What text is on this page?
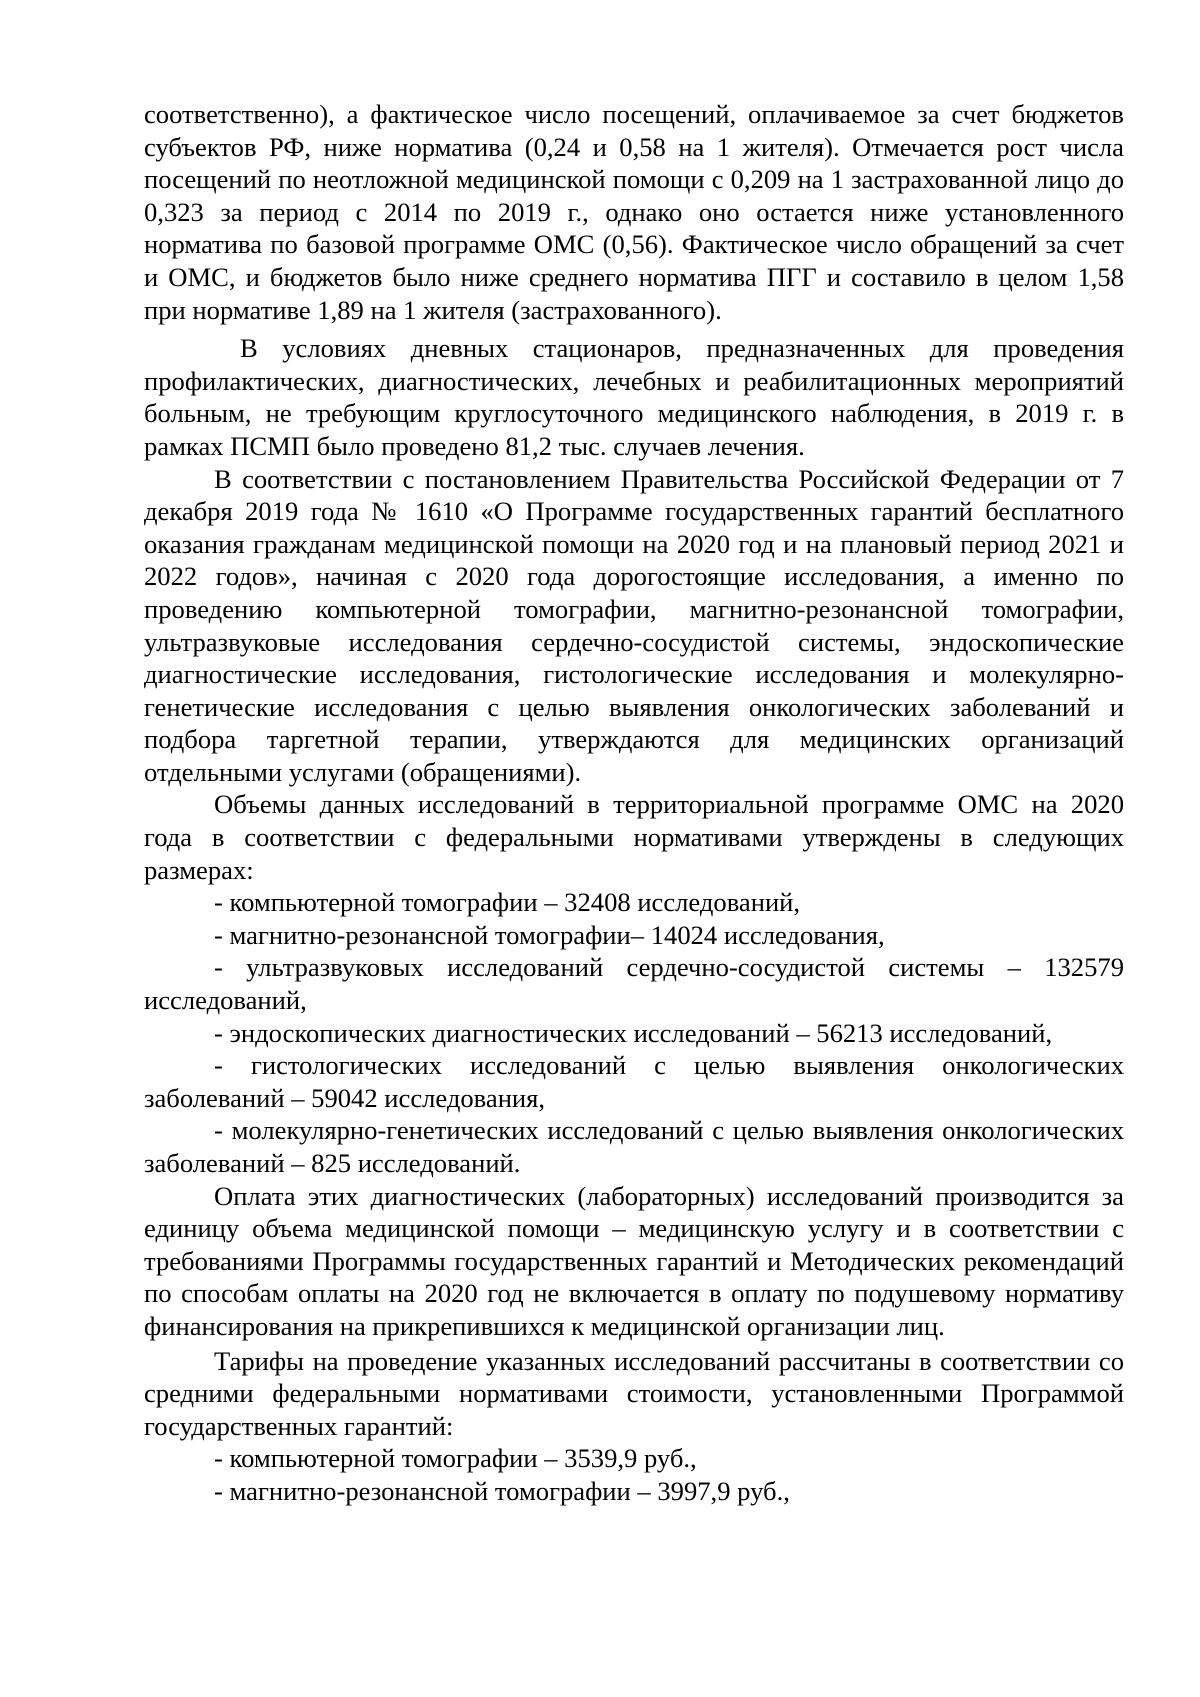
соответственно), а фактическое число посещений, оплачиваемое за счет бюджетов субъектов РФ, ниже норматива (0,24 и 0,58 на 1 жителя). Отмечается рост числа посещений по неотложной медицинской помощи с 0,209 на 1 застрахованной лицо до 0,323 за период с 2014 по 2019 г., однако оно остается ниже установленного норматива по базовой программе ОМС (0,56). Фактическое число обращений за счет и ОМС, и бюджетов было ниже среднего норматива ПГГ и составило в целом 1,58 при нормативе 1,89 на 1 жителя (застрахованного).

В условиях дневных стационаров, предназначенных для проведения профилактических, диагностических, лечебных и реабилитационных мероприятий больным, не требующим круглосуточного медицинского наблюдения, в 2019 г. в рамках ПСМП было проведено 81,2 тыс. случаев лечения.

В соответствии с постановлением Правительства Российской Федерации от 7 декабря 2019 года № 1610 «О Программе государственных гарантий бесплатного оказания гражданам медицинской помощи на 2020 год и на плановый период 2021 и 2022 годов», начиная с 2020 года дорогостоящие исследования, а именно по проведению компьютерной томографии, магнитно-резонансной томографии, ультразвуковые исследования сердечно-сосудистой системы, эндоскопические диагностические исследования, гистологические исследования и молекулярно-генетические исследования с целью выявления онкологических заболеваний и подбора таргетной терапии, утверждаются для медицинских организаций отдельными услугами (обращениями).

Объемы данных исследований в территориальной программе ОМС на 2020 года в соответствии с федеральными нормативами утверждены в следующих размерах:

- компьютерной томографии – 32408 исследований,

- магнитно-резонансной томографии– 14024 исследования,

- ультразвуковых исследований сердечно-сосудистой системы – 132579 исследований,

- эндоскопических диагностических исследований – 56213 исследований,

- гистологических исследований с целью выявления онкологических заболеваний – 59042 исследования,

- молекулярно-генетических исследований с целью выявления онкологических заболеваний – 825 исследований.

Оплата этих диагностических (лабораторных) исследований производится за единицу объема медицинской помощи – медицинскую услугу и в соответствии с требованиями Программы государственных гарантий и Методических рекомендаций по способам оплаты на 2020 год не включается в оплату по подушевому нормативу финансирования на прикрепившихся к медицинской организации лиц.

Тарифы на проведение указанных исследований рассчитаны в соответствии со средними федеральными нормативами стоимости, установленными Программой государственных гарантий:

- компьютерной томографии – 3539,9 руб.,

- магнитно-резонансной томографии – 3997,9 руб.,
